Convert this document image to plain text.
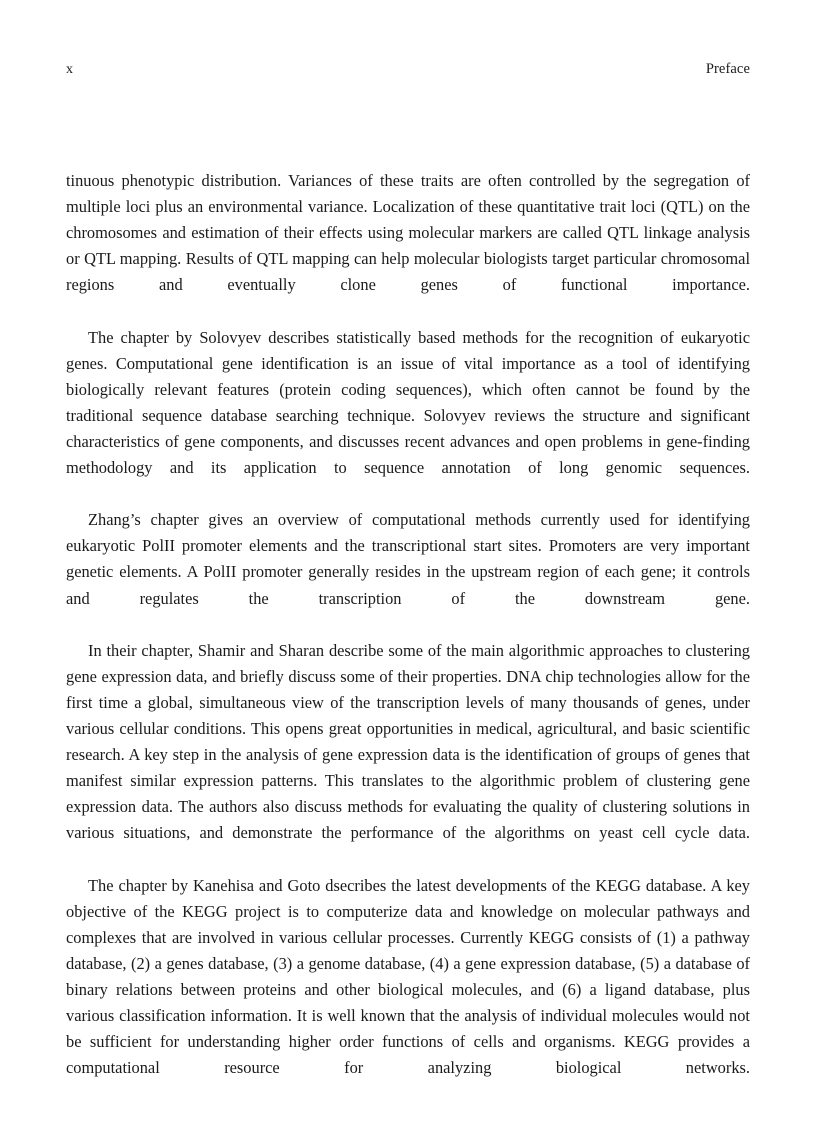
x	Preface

tinuous phenotypic distribution. Variances of these traits are often controlled by the segregation of multiple loci plus an environmental variance. Localization of these quantitative trait loci (QTL) on the chromosomes and estimation of their effects using molecular markers are called QTL linkage analysis or QTL mapping. Results of QTL mapping can help molecular biologists target particular chromosomal regions and eventually clone genes of functional importance.

The chapter by Solovyev describes statistically based methods for the recognition of eukaryotic genes. Computational gene identification is an issue of vital importance as a tool of identifying biologically relevant features (protein coding sequences), which often cannot be found by the traditional sequence database searching technique. Solovyev reviews the structure and significant characteristics of gene components, and discusses recent advances and open problems in gene-finding methodology and its application to sequence annotation of long genomic sequences.

Zhang’s chapter gives an overview of computational methods currently used for identifying eukaryotic PolII promoter elements and the transcriptional start sites. Promoters are very important genetic elements. A PolII promoter generally resides in the upstream region of each gene; it controls and regulates the transcription of the downstream gene.

In their chapter, Shamir and Sharan describe some of the main algorithmic approaches to clustering gene expression data, and briefly discuss some of their properties. DNA chip technologies allow for the first time a global, simultaneous view of the transcription levels of many thousands of genes, under various cellular conditions. This opens great opportunities in medical, agricultural, and basic scientific research. A key step in the analysis of gene expression data is the identification of groups of genes that manifest similar expression patterns. This translates to the algorithmic problem of clustering gene expression data. The authors also discuss methods for evaluating the quality of clustering solutions in various situations, and demonstrate the performance of the algorithms on yeast cell cycle data.

The chapter by Kanehisa and Goto dsecribes the latest developments of the KEGG database. A key objective of the KEGG project is to computerize data and knowledge on molecular pathways and complexes that are involved in various cellular processes. Currently KEGG consists of (1) a pathway database, (2) a genes database, (3) a genome database, (4) a gene expression database, (5) a database of binary relations between proteins and other biological molecules, and (6) a ligand database, plus various classification information. It is well known that the analysis of individual molecules would not be sufficient for understanding higher order functions of cells and organisms. KEGG provides a computational resource for analyzing biological networks.
